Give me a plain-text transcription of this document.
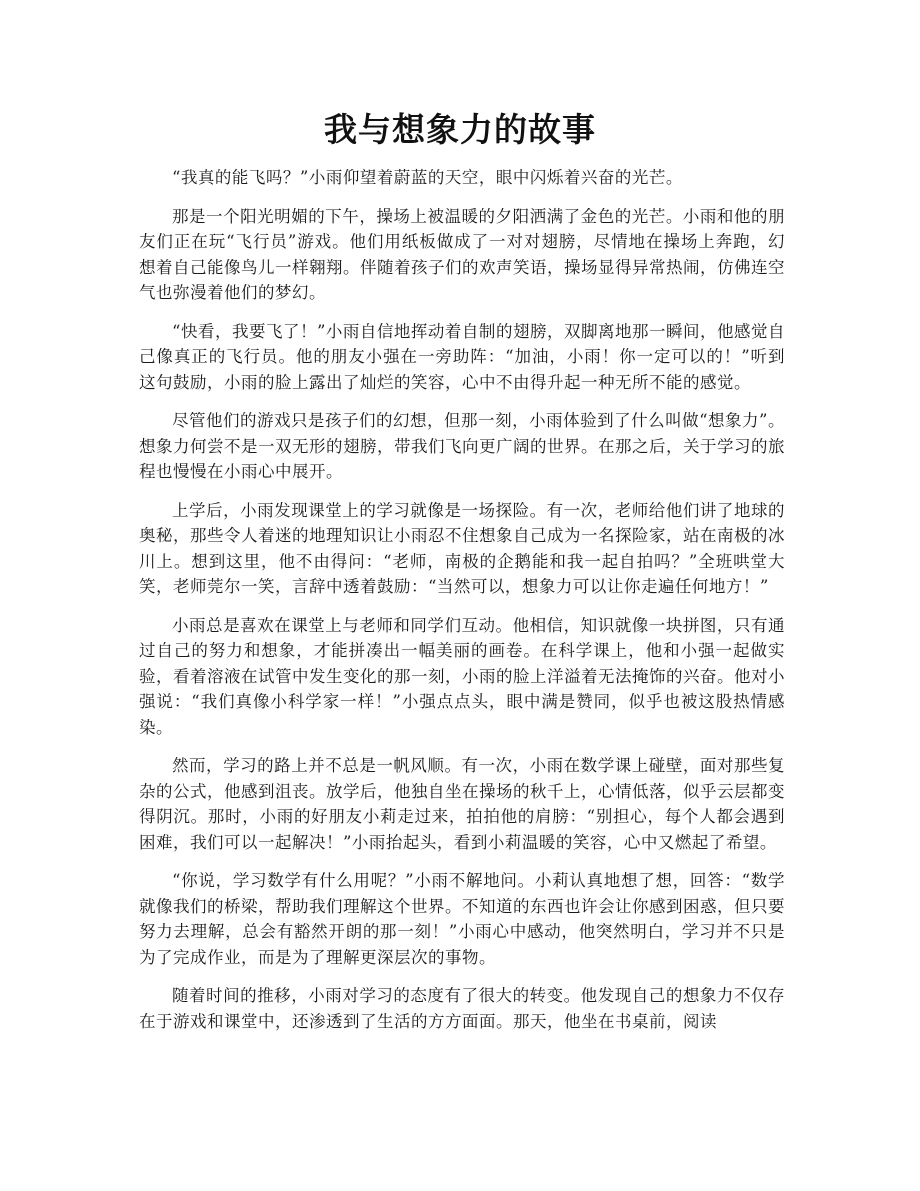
我与想象力的故事

“我真的能飞吗？”小雨仰望着蔚蓝的天空，眼中闪烁着兴奋的光芒。

那是一个阳光明媚的下午，操场上被温暖的夕阳洒满了金色的光芒。小雨和他的朋友们正在玩“飞行员”游戏。他们用纸板做成了一对对翅膀，尽情地在操场上奔跑，幻想着自己能像鸟儿一样翱翔。伴随着孩子们的欢声笑语，操场显得异常热闹，仿佛连空气也弥漫着他们的梦幻。

“快看，我要飞了！”小雨自信地挥动着自制的翅膀，双脚离地那一瞬间，他感觉自己像真正的飞行员。他的朋友小强在一旁助阵：“加油，小雨！你一定可以的！”听到这句鼓励，小雨的脸上露出了灿烂的笑容，心中不由得升起一种无所不能的感觉。

尽管他们的游戏只是孩子们的幻想，但那一刻，小雨体验到了什么叫做“想象力”。想象力何尝不是一双无形的翅膀，带我们飞向更广阔的世界。在那之后，关于学习的旅程也慢慢在小雨心中展开。

上学后，小雨发现课堂上的学习就像是一场探险。有一次，老师给他们讲了地球的奥秘，那些令人着迷的地理知识让小雨忍不住想象自己成为一名探险家，站在南极的冰川上。想到这里，他不由得问：“老师，南极的企鹅能和我一起自拍吗？”全班哄堂大笑，老师莞尔一笑，言辞中透着鼓励：“当然可以，想象力可以让你走遍任何地方！”

小雨总是喜欢在课堂上与老师和同学们互动。他相信，知识就像一块拼图，只有通过自己的努力和想象，才能拼凑出一幅美丽的画卷。在科学课上，他和小强一起做实验，看着溶液在试管中发生变化的那一刻，小雨的脸上洋溢着无法掩饰的兴奋。他对小强说：“我们真像小科学家一样！”小强点点头，眼中满是赞同，似乎也被这股热情感染。

然而，学习的路上并不总是一帆风顺。有一次，小雨在数学课上碰壁，面对那些复杂的公式，他感到沮丧。放学后，他独自坐在操场的秋千上，心情低落，似乎云层都变得阴沉。那时，小雨的好朋友小莉走过来，拍拍他的肩膀：“别担心，每个人都会遇到困难，我们可以一起解决！”小雨抬起头，看到小莉温暖的笑容，心中又燃起了希望。

“你说，学习数学有什么用呢？”小雨不解地问。小莉认真地想了想，回答：“数学就像我们的桥梁，帮助我们理解这个世界。不知道的东西也许会让你感到困惑，但只要努力去理解，总会有豁然开朗的那一刻！”小雨心中感动，他突然明白，学习并不只是为了完成作业，而是为了理解更深层次的事物。

随着时间的推移，小雨对学习的态度有了很大的转变。他发现自己的想象力不仅存在于游戏和课堂中，还渗透到了生活的方方面面。那天，他坐在书桌前，阅读
